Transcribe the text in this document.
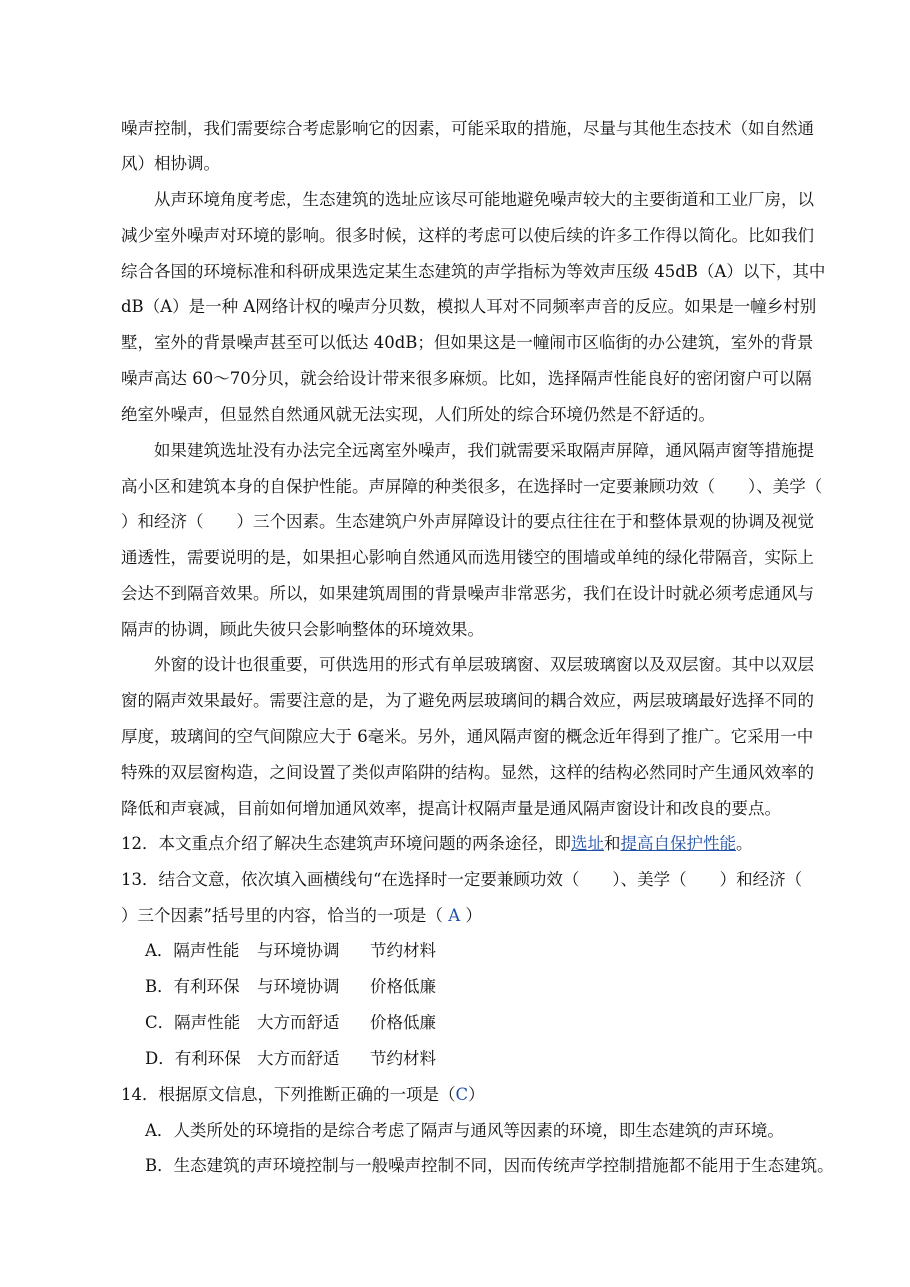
噪声控制，我们需要综合考虑影响它的因素，可能采取的措施，尽量与其他生态技术（如自然通
风）相协调。
从声环境角度考虑，生态建筑的选址应该尽可能地避免噪声较大的主要街道和工业厂房，以
减少室外噪声对环境的影响。很多时候，这样的考虑可以使后续的许多工作得以简化。比如我们
综合各国的环境标准和科研成果选定某生态建筑的声学指标为等效声压级 45dB（A）以下，其中
dB（A）是一种 A网络计权的噪声分贝数，模拟人耳对不同频率声音的反应。如果是一幢乡村别
墅，室外的背景噪声甚至可以低达 40dB；但如果这是一幢闹市区临街的办公建筑，室外的背景
噪声高达 60～70分贝，就会给设计带来很多麻烦。比如，选择隔声性能良好的密闭窗户可以隔
绝室外噪声，但显然自然通风就无法实现，人们所处的综合环境仍然是不舒适的。
如果建筑选址没有办法完全远离室外噪声，我们就需要采取隔声屏障，通风隔声窗等措施提
高小区和建筑本身的自保护性能。声屏障的种类很多，在选择时一定要兼顾功效（　　）、美学（
）和经济（　　）三个因素。生态建筑户外声屏障设计的要点往往在于和整体景观的协调及视觉
通透性，需要说明的是，如果担心影响自然通风而选用镂空的围墙或单纯的绿化带隔音，实际上
会达不到隔音效果。所以，如果建筑周围的背景噪声非常恶劣，我们在设计时就必须考虑通风与
隔声的协调，顾此失彼只会影响整体的环境效果。
外窗的设计也很重要，可供选用的形式有单层玻璃窗、双层玻璃窗以及双层窗。其中以双层
窗的隔声效果最好。需要注意的是，为了避免两层玻璃间的耦合效应，两层玻璃最好选择不同的
厚度，玻璃间的空气间隙应大于 6毫米。另外，通风隔声窗的概念近年得到了推广。它采用一中
特殊的双层窗构造，之间设置了类似声陷阱的结构。显然，这样的结构必然同时产生通风效率的
降低和声衰减，目前如何增加通风效率，提高计权隔声量是通风隔声窗设计和改良的要点。
12．本文重点介绍了解决生态建筑声环境问题的两条途径，即选址和提高自保护性能。
13．结合文意，依次填入画横线句“在选择时一定要兼顾功效（　　）、美学（　　）和经济（
）三个因素”括号里的内容，恰当的一项是（ A ）
A．隔声性能 与环境协调 节约材料
B．有利环保 与环境协调 价格低廉
C．隔声性能 大方而舒适 价格低廉
D．有利环保 大方而舒适 节约材料
14．根据原文信息，下列推断正确的一项是（C）
A．人类所处的环境指的是综合考虑了隔声与通风等因素的环境，即生态建筑的声环境。
B．生态建筑的声环境控制与一般噪声控制不同，因而传统声学控制措施都不能用于生态建筑。
